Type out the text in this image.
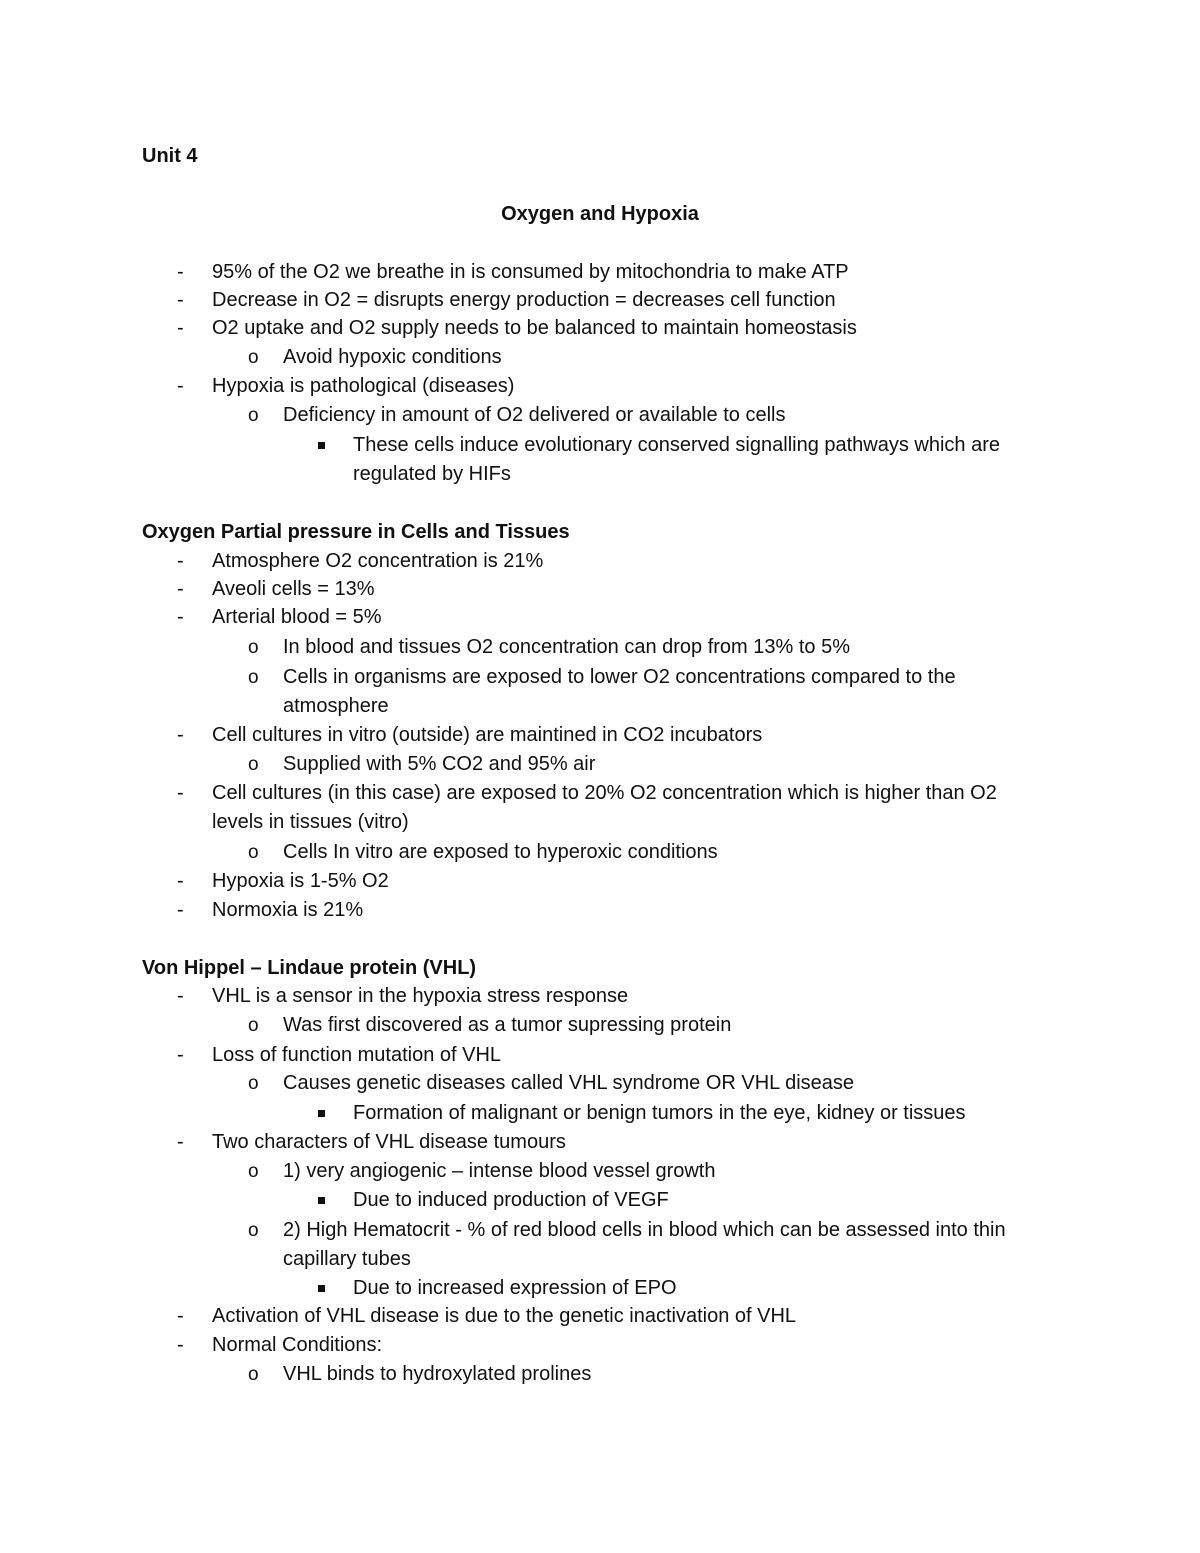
Unit 4
Oxygen and Hypoxia
- 95% of the O2 we breathe in is consumed by mitochondria to make ATP
- Decrease in O2 = disrupts energy production = decreases cell function
- O2 uptake and O2 supply needs to be balanced to maintain homeostasis
o Avoid hypoxic conditions
- Hypoxia is pathological (diseases)
o Deficiency in amount of O2 delivered or available to cells
These cells induce evolutionary conserved signalling pathways which are
regulated by HIFs
Oxygen Partial pressure in Cells and Tissues
- Atmosphere O2 concentration is 21%
- Aveoli cells = 13%
- Arterial blood = 5%
o In blood and tissues O2 concentration can drop from 13% to 5%
o Cells in organisms are exposed to lower O2 concentrations compared to the
atmosphere
- Cell cultures in vitro (outside) are maintined in CO2 incubators
o Supplied with 5% CO2 and 95% air
- Cell cultures (in this case) are exposed to 20% O2 concentration which is higher than O2
levels in tissues (vitro)
o Cells In vitro are exposed to hyperoxic conditions
- Hypoxia is 1-5% O2
- Normoxia is 21%
Von Hippel – Lindaue protein (VHL)
- VHL is a sensor in the hypoxia stress response
o Was first discovered as a tumor supressing protein
- Loss of function mutation of VHL
o Causes genetic diseases called VHL syndrome OR VHL disease
Formation of malignant or benign tumors in the eye, kidney or tissues
- Two characters of VHL disease tumours
o 1) very angiogenic – intense blood vessel growth
Due to induced production of VEGF
o 2) High Hematocrit - % of red blood cells in blood which can be assessed into thin
capillary tubes
Due to increased expression of EPO
- Activation of VHL disease is due to the genetic inactivation of VHL
- Normal Conditions:
o VHL binds to hydroxylated prolines
